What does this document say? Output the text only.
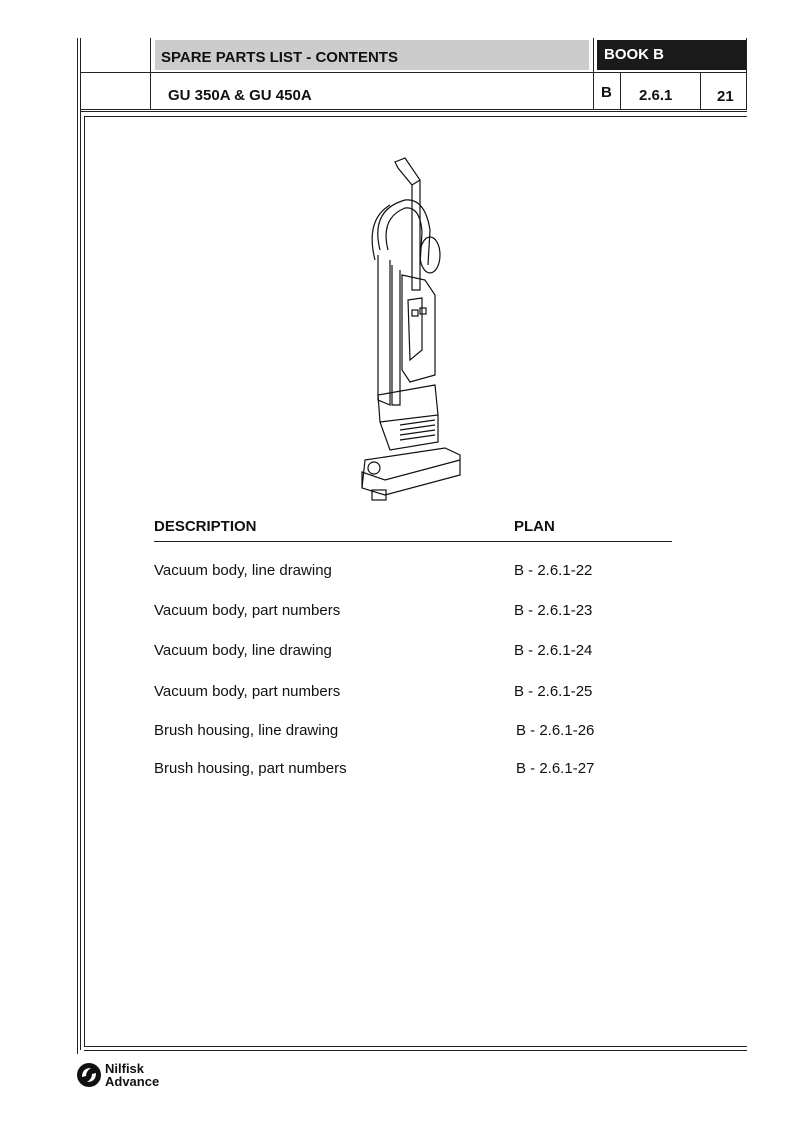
SPARE PARTS LIST - CONTENTS	BOOK B
GU 350A & GU 450A	B 2.6.1	21
DESCRIPTION	PLAN
Vacuum body, line drawing	B - 2.6.1-22
Vacuum body, part numbers	B - 2.6.1-23
Vacuum body, line drawing	B - 2.6.1-24
Vacuum body, part numbers	B - 2.6.1-25
Brush housing, line drawing	B - 2.6.1-26
Brush housing, part numbers	B - 2.6.1-27
Nilfisk
Advance
